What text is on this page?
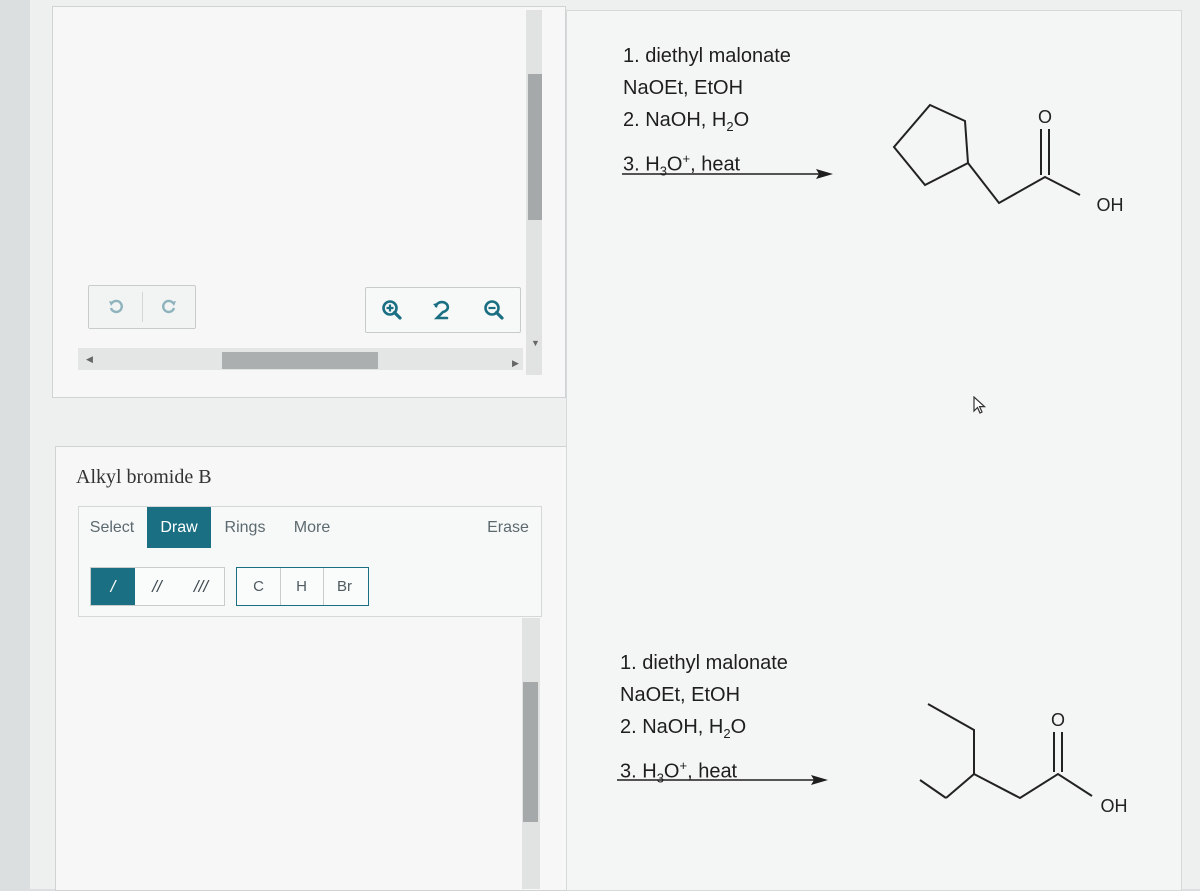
▼
◀	▶
Alkyl bromide B
Select	Draw	Rings	More	Erase
/	//	///	C	H	Br
1. diethyl malonate
NaOEt, EtOH
2. NaOH, $H_2O$
3. $H_3O^+$, heat
O
OH
1. diethyl malonate
NaOEt, EtOH
2. NaOH, $H_2O$
3. $H_3O^+$, heat
O
OH
